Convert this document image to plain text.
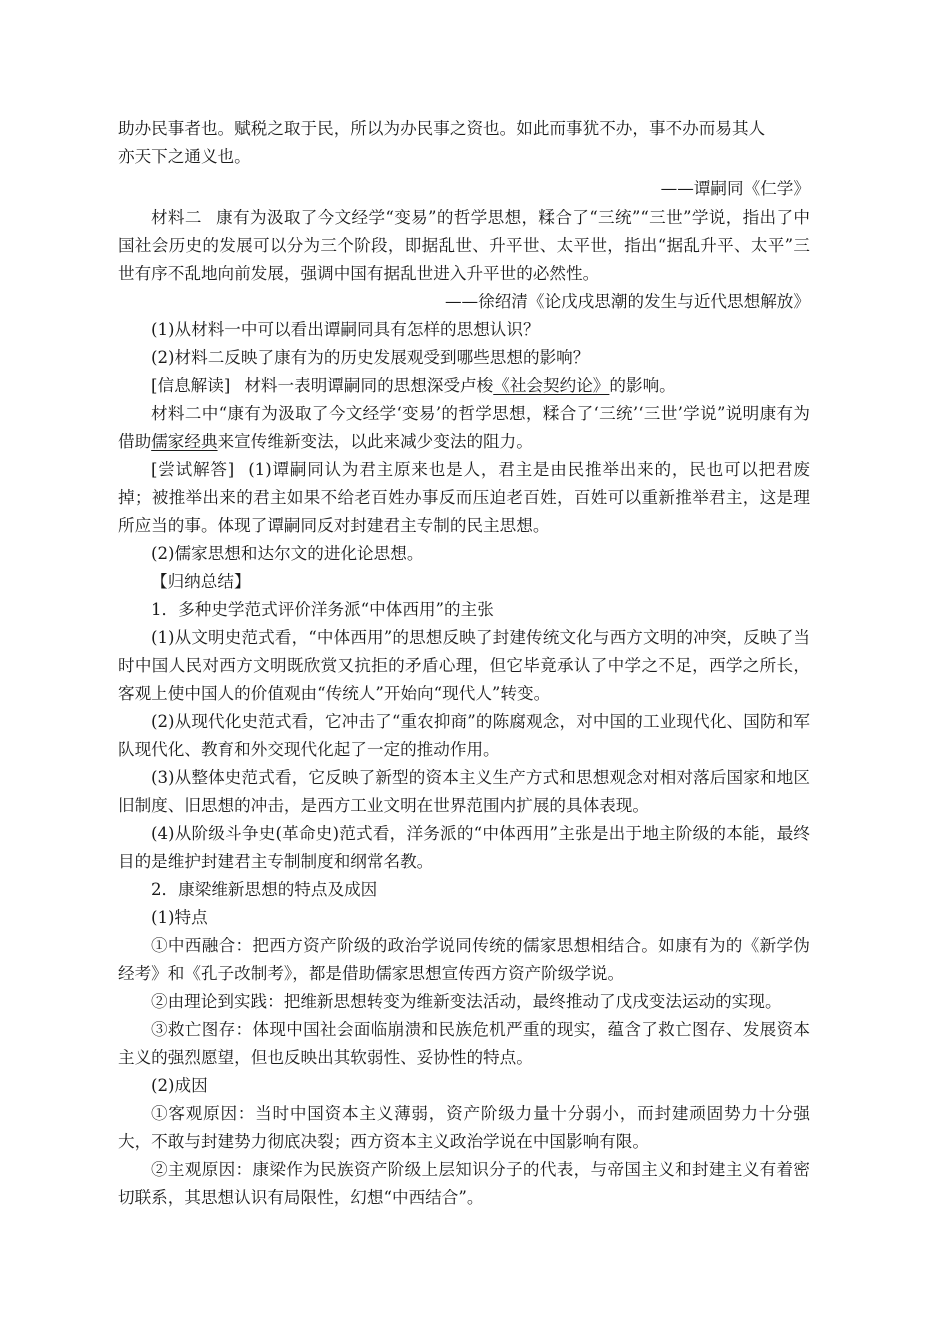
助办民事者也。赋税之取于民，所以为办民事之资也。如此而事犹不办，事不办而易其人

亦天下之通义也。

——谭嗣同《仁学》

材料二 康有为汲取了今文经学“变易”的哲学思想，糅合了“三统”“三世”学说，指出了中国社会历史的发展可以分为三个阶段，即据乱世、升平世、太平世，指出“据乱升平、太平”三世有序不乱地向前发展，强调中国有据乱世进入升平世的必然性。

——徐绍清《论戊戌思潮的发生与近代思想解放》

(1)从材料一中可以看出谭嗣同具有怎样的思想认识？

(2)材料二反映了康有为的历史发展观受到哪些思想的影响？

[信息解读] 材料一表明谭嗣同的思想深受卢梭《社会契约论》的影响。

材料二中“康有为汲取了今文经学‘变易’的哲学思想，糅合了‘三统’‘三世’学说”说明康有为借助儒家经典来宣传维新变法，以此来减少变法的阻力。

[尝试解答] (1)谭嗣同认为君主原来也是人，君主是由民推举出来的，民也可以把君废掉；被推举出来的君主如果不给老百姓办事反而压迫老百姓，百姓可以重新推举君主，这是理所应当的事。体现了谭嗣同反对封建君主专制的民主思想。

(2)儒家思想和达尔文的进化论思想。

【归纳总结】

1．多种史学范式评价洋务派“中体西用”的主张

(1)从文明史范式看，“中体西用”的思想反映了封建传统文化与西方文明的冲突，反映了当时中国人民对西方文明既欣赏又抗拒的矛盾心理，但它毕竟承认了中学之不足，西学之所长，客观上使中国人的价值观由“传统人”开始向“现代人”转变。

(2)从现代化史范式看，它冲击了“重农抑商”的陈腐观念，对中国的工业现代化、国防和军队现代化、教育和外交现代化起了一定的推动作用。

(3)从整体史范式看，它反映了新型的资本主义生产方式和思想观念对相对落后国家和地区旧制度、旧思想的冲击，是西方工业文明在世界范围内扩展的具体表现。

(4)从阶级斗争史(革命史)范式看，洋务派的“中体西用”主张是出于地主阶级的本能，最终目的是维护封建君主专制制度和纲常名教。

2．康梁维新思想的特点及成因

(1)特点

①中西融合：把西方资产阶级的政治学说同传统的儒家思想相结合。如康有为的《新学伪经考》和《孔子改制考》，都是借助儒家思想宣传西方资产阶级学说。

②由理论到实践：把维新思想转变为维新变法活动，最终推动了戊戌变法运动的实现。

③救亡图存：体现中国社会面临崩溃和民族危机严重的现实，蕴含了救亡图存、发展资本主义的强烈愿望，但也反映出其软弱性、妥协性的特点。

(2)成因

①客观原因：当时中国资本主义薄弱，资产阶级力量十分弱小，而封建顽固势力十分强大，不敢与封建势力彻底决裂；西方资本主义政治学说在中国影响有限。

②主观原因：康梁作为民族资产阶级上层知识分子的代表，与帝国主义和封建主义有着密切联系，其思想认识有局限性，幻想“中西结合”。
